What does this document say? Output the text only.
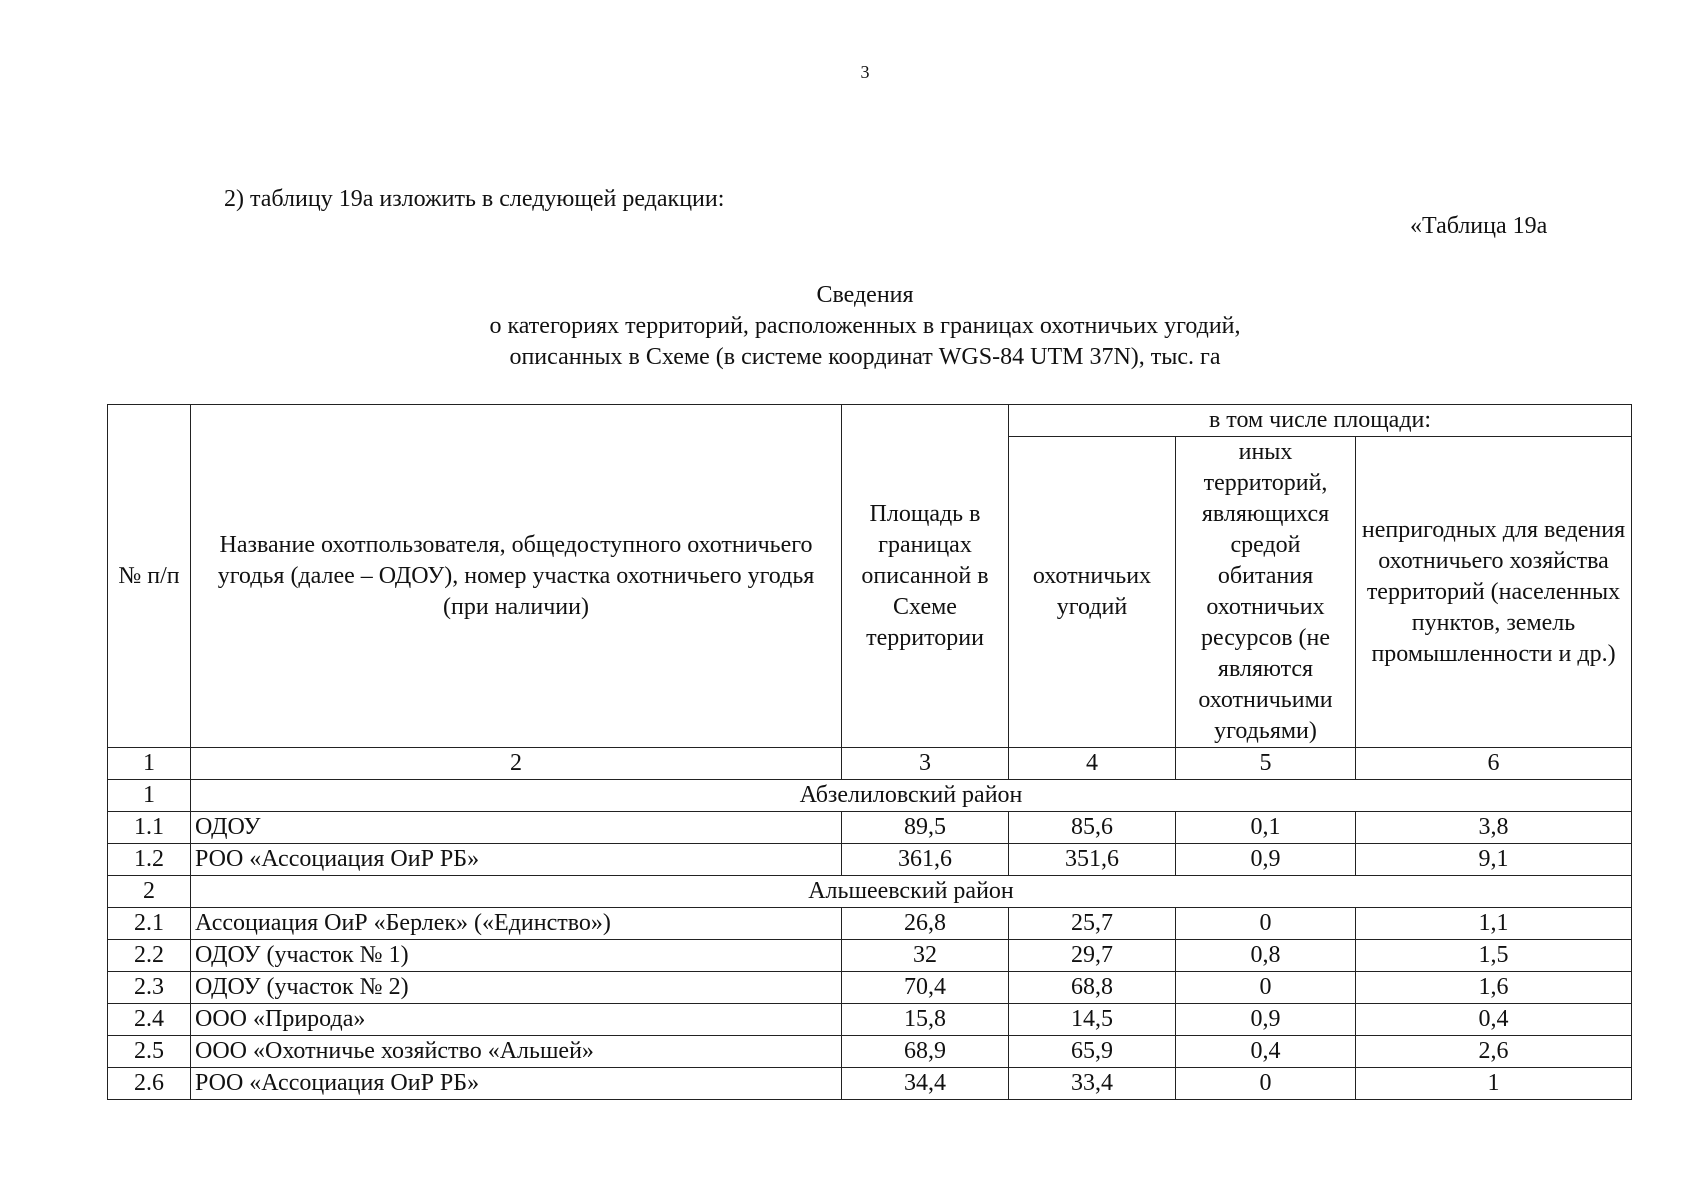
3
2) таблицу 19а изложить в следующей редакции:
«Таблица 19а
Сведения
о категориях территорий, расположенных в границах охотничьих угодий,
описанных в Схеме (в системе координат WGS-84 UTM 37N), тыс. га
№ п/п	Название охотпользователя, общедоступного охотничьего угодья (далее – ОДОУ), номер участка охотничьего угодья (при наличии)	Площадь в границах описанной в Схеме территории	в том числе площади:		
			охотничьих угодий	иных территорий, являющихся средой обитания охотничьих ресурсов (не являются охотничьими угодьями)	непригодных для ведения охотничьего хозяйства территорий (населенных пунктов, земель промышленности и др.)
1	2	3	4	5	6
1	Абзелиловский район				
1.1	ОДОУ	89,5	85,6	0,1	3,8
1.2	РОО «Ассоциация ОиР РБ»	361,6	351,6	0,9	9,1
2	Альшеевский район				
2.1	Ассоциация ОиР «Берлек» («Единство»)	26,8	25,7	0	1,1
2.2	ОДОУ (участок № 1)	32	29,7	0,8	1,5
2.3	ОДОУ (участок № 2)	70,4	68,8	0	1,6
2.4	ООО «Природа»	15,8	14,5	0,9	0,4
2.5	ООО «Охотничье хозяйство «Альшей»	68,9	65,9	0,4	2,6
2.6	РОО «Ассоциация ОиР РБ»	34,4	33,4	0	1
